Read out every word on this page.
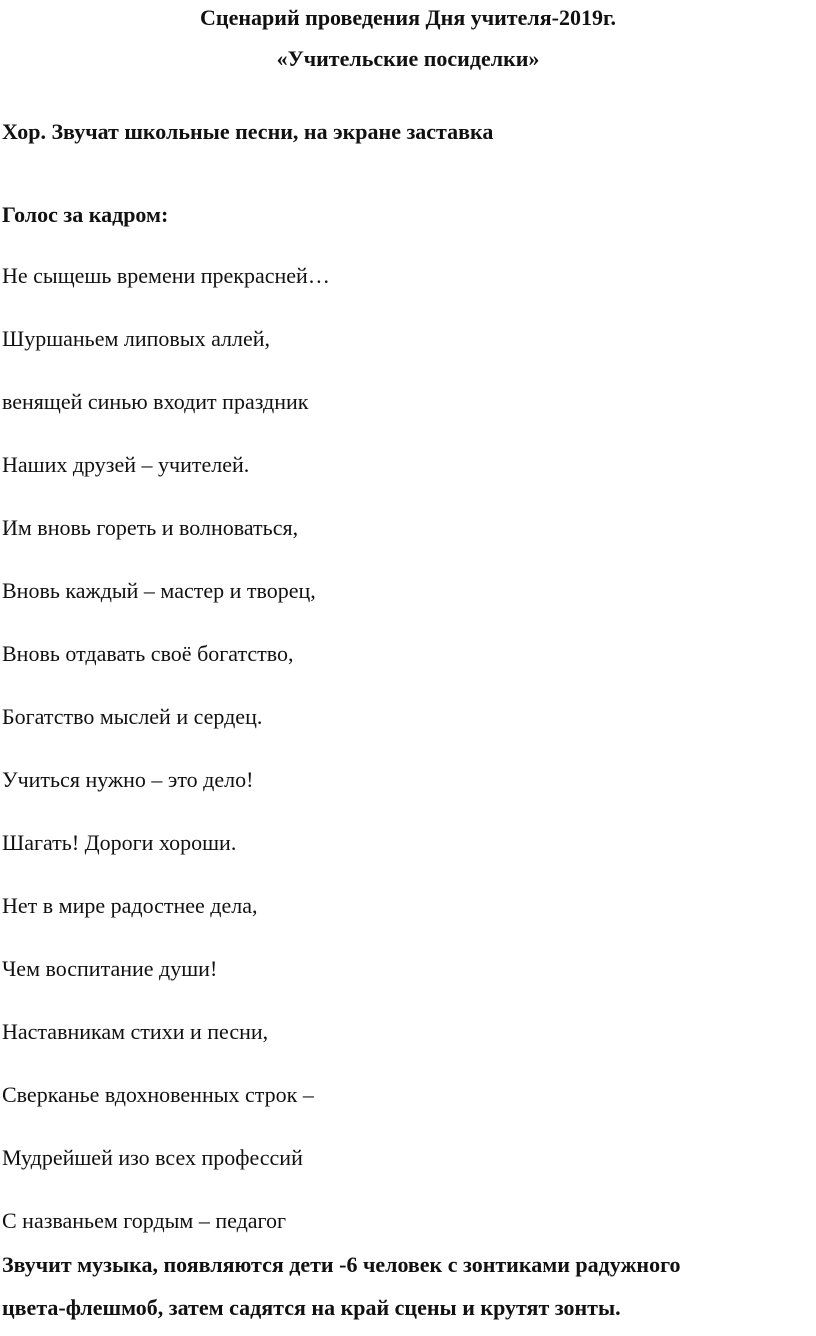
Сценарий проведения Дня учителя-2019г.
«Учительские посиделки»
Хор. Звучат школьные песни, на экране заставка
Голос за кадром:
Не сыщешь времени прекрасней…
Шуршаньем липовых аллей,
венящей синью входит праздник
Наших друзей – учителей.
Им вновь гореть и волноваться,
Вновь каждый – мастер и творец,
Вновь отдавать своё богатство,
Богатство мыслей и сердец.
Учиться нужно – это дело!
Шагать! Дороги хороши.
Нет в мире радостнее дела,
Чем воспитание души!
Наставникам стихи и песни,
Сверканье вдохновенных строк –
Мудрейшей изо всех профессий
С названьем гордым – педагог
Звучит музыка, появляются дети -6 человек с зонтиками радужного
цвета-флешмоб, затем садятся на край сцены и крутят зонты.
